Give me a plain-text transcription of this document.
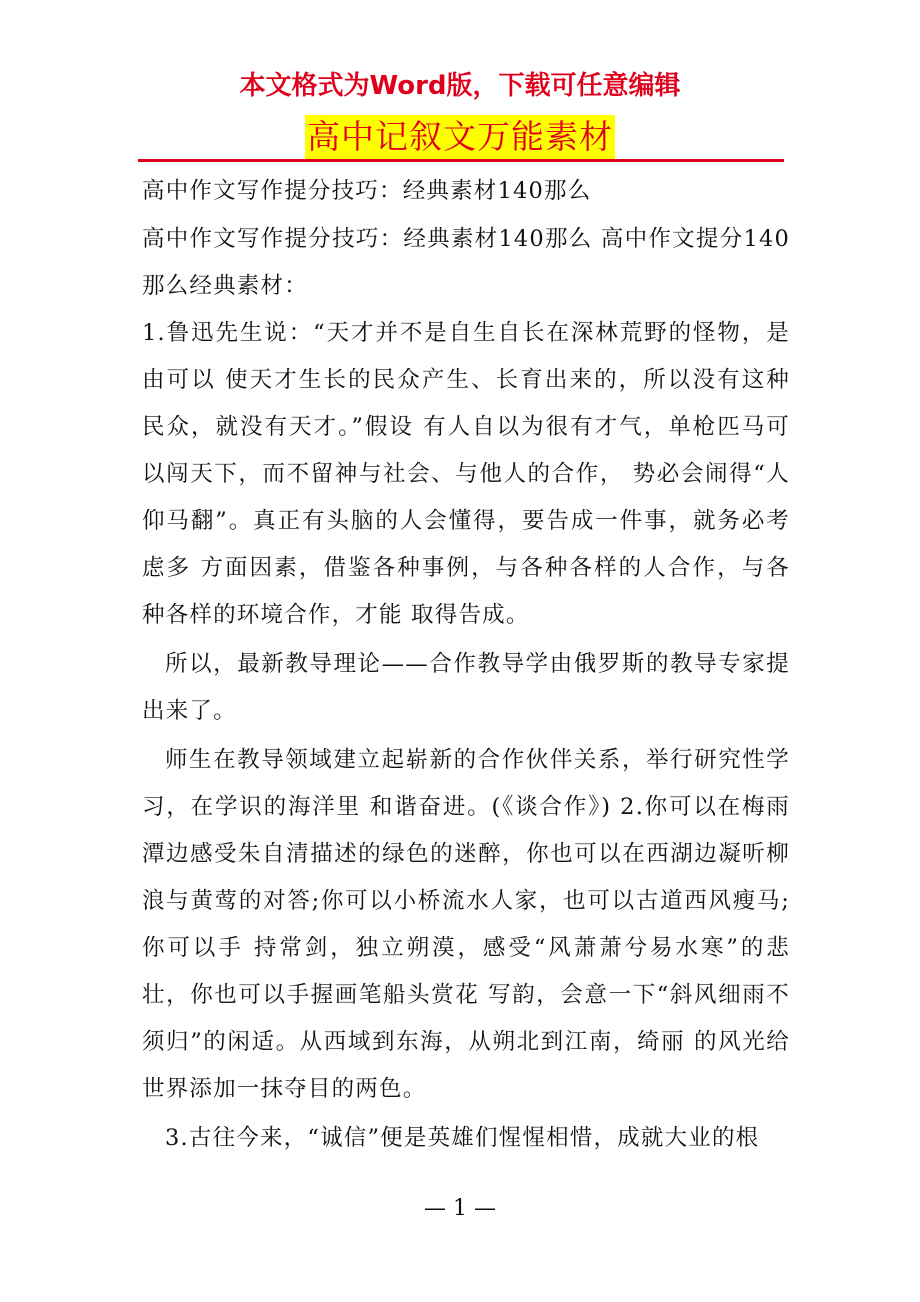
本文格式为Word版，下载可任意编辑
高中记叙文万能素材

高中作文写作提分技巧：经典素材140那么

高中作文写作提分技巧：经典素材140那么 高中作文提分140那么经典素材：

1.鲁迅先生说：“天才并不是自生自长在深林荒野的怪物，是由可以 使天才生长的民众产生、长育出来的，所以没有这种民众，就没有天才。”假设 有人自以为很有才气，单枪匹马可以闯天下，而不留神与社会、与他人的合作， 势必会闹得“人仰马翻”。真正有头脑的人会懂得，要告成一件事，就务必考虑多 方面因素，借鉴各种事例，与各种各样的人合作，与各种各样的环境合作，才能 取得告成。

所以，最新教导理论——合作教导学由俄罗斯的教导专家提出来了。

师生在教导领域建立起崭新的合作伙伴关系，举行研究性学习，在学识的海洋里 和谐奋进。(《谈合作》) 2.你可以在梅雨潭边感受朱自清描述的绿色的迷醉，你也可以在西湖边凝听柳浪与黄莺的对答;你可以小桥流水人家，也可以古道西风瘦马;你可以手 持常剑，独立朔漠，感受“风萧萧兮易水寒”的悲壮，你也可以手握画笔船头赏花 写韵，会意一下“斜风细雨不须归”的闲适。从西域到东海，从朔北到江南，绮丽 的风光给世界添加一抹夺目的两色。

3.古往今来，“诚信”便是英雄们惺惺相惜，成就大业的根

— 1 —
